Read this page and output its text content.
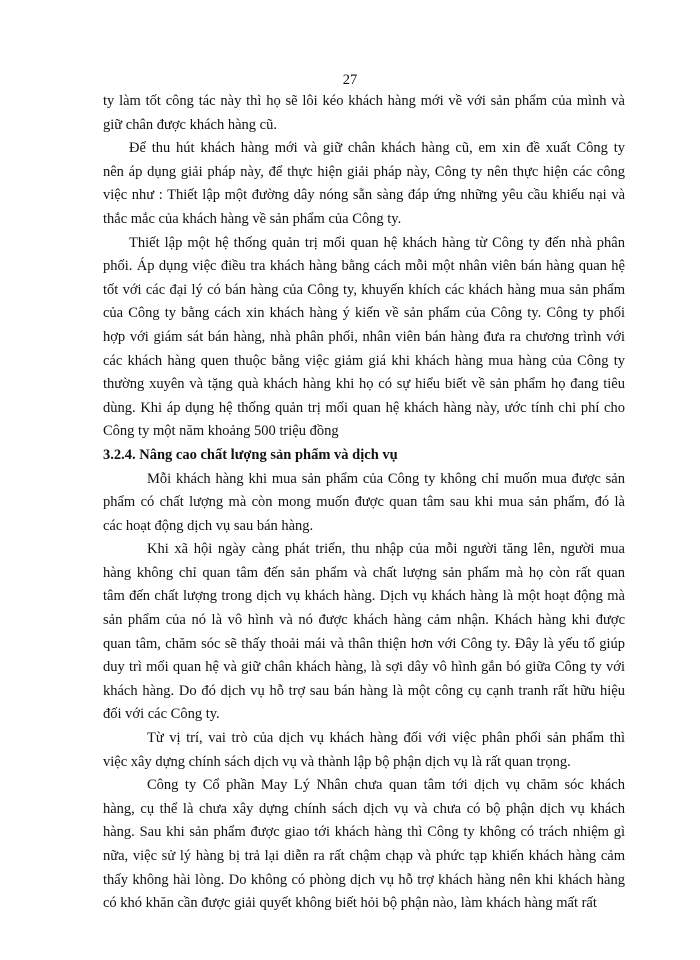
27
ty làm tốt công tác này thì họ sẽ lôi kéo khách hàng mới về với sản phẩm của mình và
giữ chân được khách hàng cũ.
Để thu hút khách hàng mới và giữ chân khách hàng cũ, em xin đề xuất Công ty
nên áp dụng giải pháp này, để thực hiện giải pháp này, Công ty nên thực hiện các công
việc như : Thiết lập một đường dây nóng sẵn sàng đáp ứng những yêu cầu khiếu nại và
thắc mắc của khách hàng về sản phẩm của Công ty.
Thiết lập một hệ thống quản trị mối quan hệ khách hàng từ Công ty đến nhà phân
phối. Áp dụng việc điều tra khách hàng bằng cách mỗi một nhân viên bán hàng quan hệ
tốt với các đại lý có bán hàng của Công ty, khuyến khích các khách hàng mua sản phẩm
của Công ty bằng cách xin khách hàng ý kiến về sản phẩm của Công ty. Công ty phối
hợp với giám sát bán hàng, nhà phân phối, nhân viên bán hàng đưa ra chương trình với
các khách hàng quen thuộc bằng việc giảm giá khi khách hàng mua hàng của Công ty
thường xuyên và tặng quà khách hàng khi họ có sự hiểu biết về sản phẩm họ đang tiêu
dùng. Khi áp dụng hệ thống quản trị mối quan hệ khách hàng này, ước tính chi phí cho
Công ty một năm khoảng 500 triệu đồng
3.2.4. Nâng cao chất lượng sản phẩm và dịch vụ
Mỗi khách hàng khi mua sản phẩm của Công ty không chỉ muốn mua được sản
phẩm có chất lượng mà còn mong muốn được quan tâm sau khi mua sản phẩm, đó là
các hoạt động dịch vụ sau bán hàng.
Khi xã hội ngày càng phát triển, thu nhập của mỗi người tăng lên, người mua
hàng không chỉ quan tâm đến sản phẩm và chất lượng sản phẩm mà họ còn rất quan
tâm đến chất lượng trong dịch vụ khách hàng. Dịch vụ khách hàng là một hoạt động mà
sản phẩm của nó là vô hình và nó được khách hàng cảm nhận. Khách hàng khi được
quan tâm, chăm sóc sẽ thấy thoải mái và thân thiện hơn với Công ty. Đây là yếu tố giúp
duy trì mối quan hệ và giữ chân khách hàng, là sợi dây vô hình gắn bó giữa Công ty với
khách hàng. Do đó dịch vụ hỗ trợ sau bán hàng là một công cụ cạnh tranh rất hữu hiệu
đối với các Công ty.
Từ vị trí, vai trò của dịch vụ khách hàng đối với việc phân phối sản phẩm thì
việc xây dựng chính sách dịch vụ và thành lập bộ phận dịch vụ là rất quan trọng.
Công ty Cổ phần May Lý Nhân chưa quan tâm tới dịch vụ chăm sóc khách
hàng, cụ thể là chưa xây dựng chính sách dịch vụ và chưa có bộ phận dịch vụ khách
hàng. Sau khi sản phẩm được giao tới khách hàng thì Công ty không có trách nhiệm gì
nữa, việc sử lý hàng bị trả lại diễn ra rất chậm chạp và phức tạp khiến khách hàng cảm
thấy không hài lòng. Do không có phòng dịch vụ hỗ trợ khách hàng nên khi khách hàng
có khó khăn cần được giải quyết không biết hỏi bộ phận nào, làm khách hàng mất rất
